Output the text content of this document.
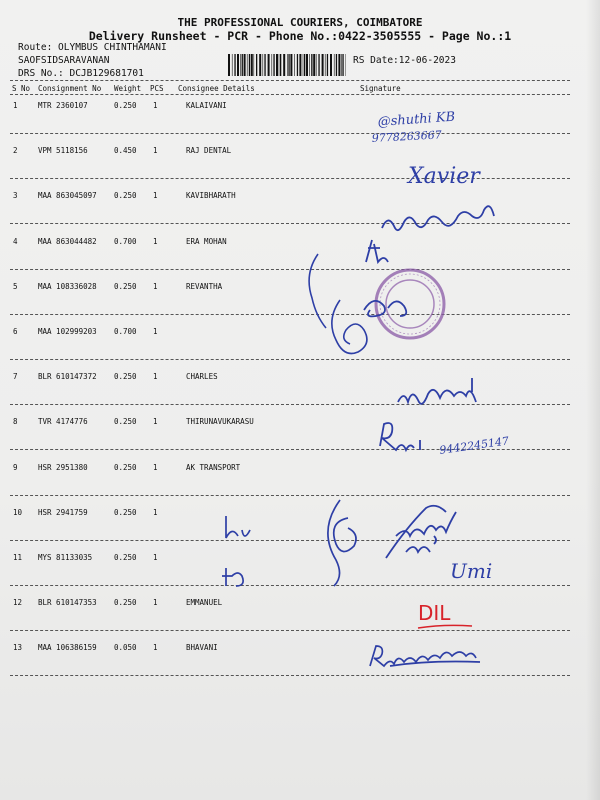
THE PROFESSIONAL COURIERS, COIMBATORE
Delivery Runsheet - PCR - Phone No.:0422-3505555 - Page No.:1
Route: OLYMBUS CHINTHAMANI
SAOFSIDSARAVANAN
DRS No.: DCJB129681701
RS Date:12-06-2023
S No Consignment No Weight PCS Consignee Details	Signature
1	MTR 2360107	0.250 1	KALAIVANI
2	VPM 5118156	0.450 1	RAJ DENTAL
3	MAA 863045097 0.250 1	KAVIBHARATH
4	MAA 863044482 0.700 1	ERA MOHAN
5	MAA 108336028 0.250 1	REVANTHA
6	MAA 102999203 0.700 1
7	BLR 610147372 0.250 1	CHARLES
8	TVR 4174776	0.250 1	THIRUNAVUKARASU
9	HSR 2951380	0.250 1	AK TRANSPORT
10 HSR 2941759	0.250 1
11 MYS 81133035	0.250 1
12 BLR 610147353 0.250 1	EMMANUEL
13 MAA 106386159 0.050 1	BHAVANI
@shuthi KB
9778263667
Xavier
9442245147
Umi
DIL
